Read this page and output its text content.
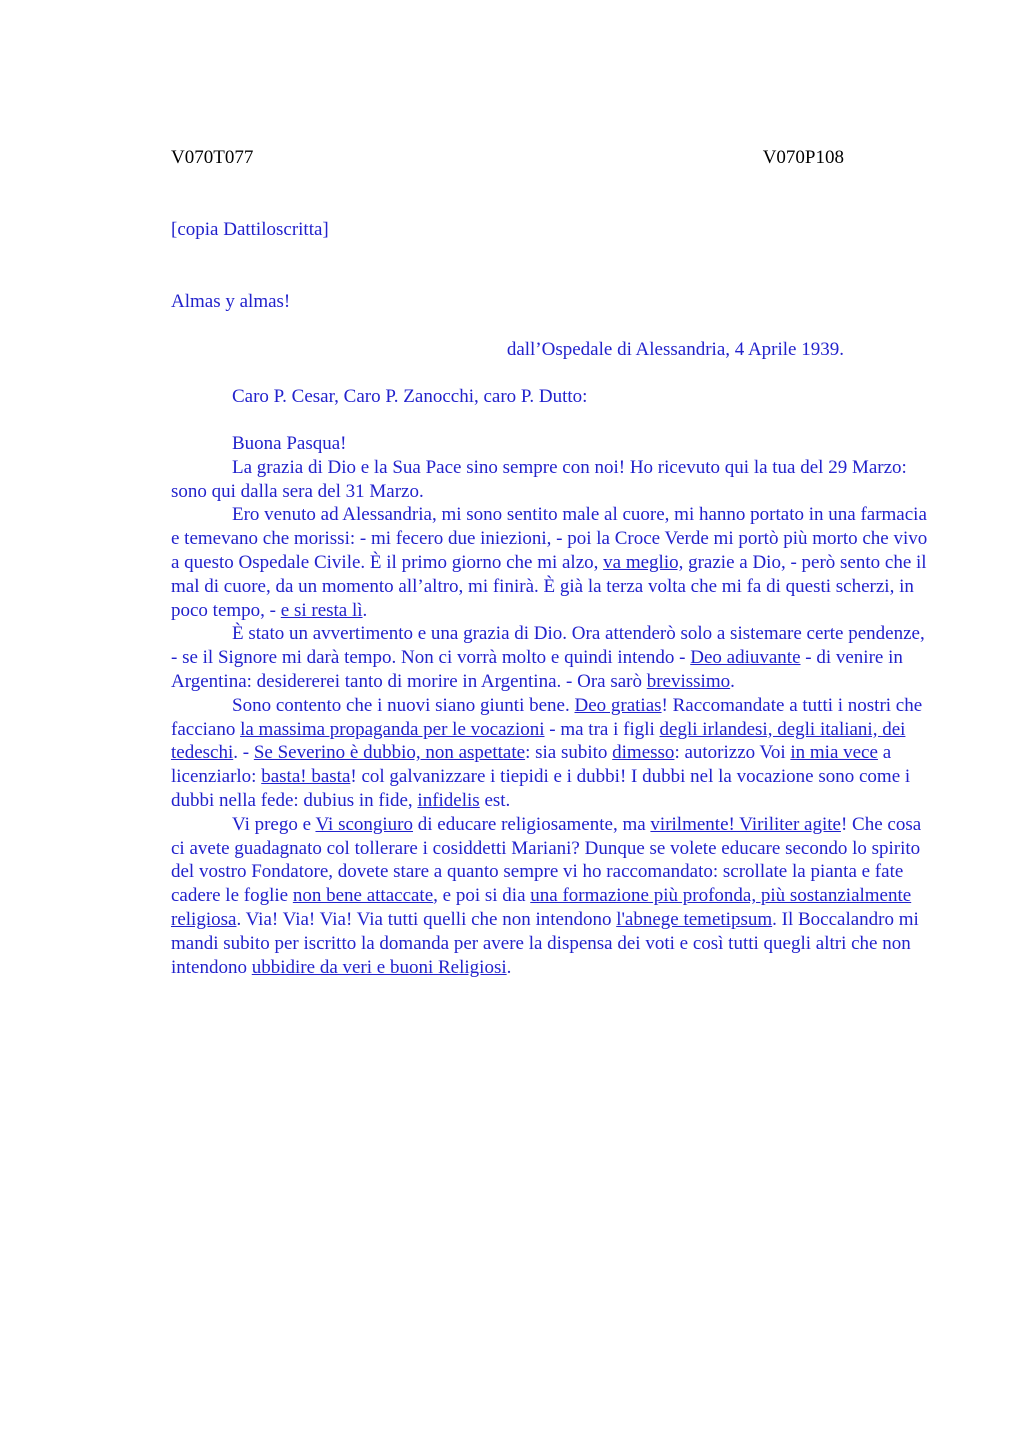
V070T077	V070P108

[copia Dattiloscritta]

Almas y almas!

dall’Ospedale di Alessandria, 4 Aprile 1939.

Caro P. Cesar, Caro P. Zanocchi, caro P. Dutto:

Buona Pasqua!

La grazia di Dio e la Sua Pace sino sempre con noi! Ho ricevuto qui la tua del 29 Marzo: sono qui dalla sera del 31 Marzo.

Ero venuto ad Alessandria, mi sono sentito male al cuore, mi hanno portato in una farmacia e temevano che morissi: - mi fecero due iniezioni, - poi la Croce Verde mi portò più morto che vivo a questo Ospedale Civile. È il primo giorno che mi alzo, va meglio, grazie a Dio, - però sento che il mal di cuore, da un momento all’altro, mi finirà. È già la terza volta che mi fa di questi scherzi, in poco tempo, - e si resta lì.

È stato un avvertimento e una grazia di Dio. Ora attenderò solo a sistemare certe pendenze, - se il Signore mi darà tempo. Non ci vorrà molto e quindi intendo - Deo adiuvante - di venire in Argentina: desidererei tanto di morire in Argentina. - Ora sarò brevissimo.

Sono contento che i nuovi siano giunti bene. Deo gratias! Raccomandate a tutti i nostri che facciano la massima propaganda per le vocazioni - ma tra i figli degli irlandesi, degli italiani, dei tedeschi. - Se Severino è dubbio, non aspettate: sia subito dimesso: autorizzo Voi in mia vece a licenziarlo: basta! basta! col galvanizzare i tiepidi e i dubbi! I dubbi nel la vocazione sono come i dubbi nella fede: dubius in fide, infidelis est.

Vi prego e Vi scongiuro di educare religiosamente, ma virilmente! Viriliter agite! Che cosa ci avete guadagnato col tollerare i cosiddetti Mariani? Dunque se volete educare secondo lo spirito del vostro Fondatore, dovete stare a quanto sempre vi ho raccomandato: scrollate la pianta e fate cadere le foglie non bene attaccate, e poi si dia una formazione più profonda, più sostanzialmente religiosa. Via! Via! Via! Via tutti quelli che non intendono l'abnege temetipsum. Il Boccalandro mi mandi subito per iscritto la domanda per avere la dispensa dei voti e così tutti quegli altri che non intendono ubbidire da veri e buoni Religiosi.
